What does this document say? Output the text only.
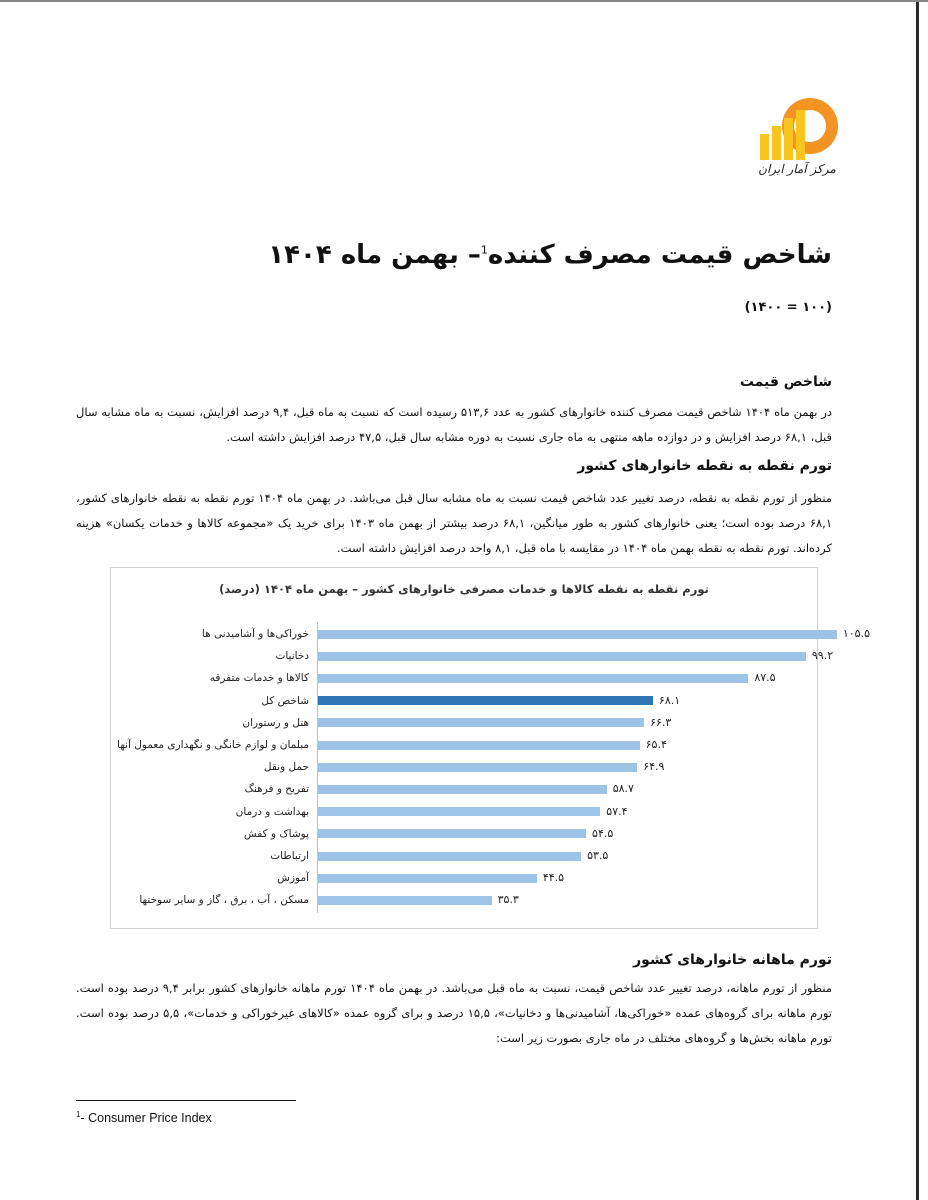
مرکز آمار ایران
شاخص قیمت مصرف کننده$^1$– بهمن ماه ۱۴۰۴
(۱۰۰ = ۱۴۰۰)
شاخص قیمت
در بهمن ماه ۱۴۰۴ شاخص قیمت مصرف کننده خانوارهای کشور به عدد ۵۱۳,۶ رسیده است که نسبت به ماه قبل، ۹,۴ درصد افزایش، نسبت به ماه مشابه سال قبل، ۶۸,۱ درصد افزایش و در دوازده ماهه منتهی به ماه جاری نسبت به دوره مشابه سال قبل، ۴۷,۵ درصد افزایش داشته است.
تورم نقطه به نقطه خانوارهای کشور
منظور از تورم نقطه به نقطه، درصد تغییر عدد شاخص قیمت نسبت به ماه مشابه سال قبل می‌باشد. در بهمن ماه ۱۴۰۴ تورم نقطه به نقطه خانوارهای کشور، ۶۸,۱ درصد بوده است؛ یعنی خانوارهای کشور به طور میانگین، ۶۸,۱ درصد بیشتر از بهمن ماه ۱۴۰۳ برای خرید یک «مجموعه کالاها و خدمات یکسان» هزینه کرده‌اند. تورم نقطه به نقطه بهمن ماه ۱۴۰۴ در مقایسه با ماه قبل، ۸,۱ واحد درصد افزایش داشته است.
تورم نقطه به نقطه کالاها و خدمات مصرفی خانوارهای کشور – بهمن ماه ۱۴۰۴ (درصد)
خوراکی‌ها و آشامیدنی ها	۱۰۵.۵
دخانیات	۹۹.۲
کالاها و خدمات متفرقه	۸۷.۵
شاخص کل	۶۸.۱
هتل و رستوران	۶۶.۳
مبلمان و لوازم خانگی و نگهداری معمول آنها	۶۵.۴
حمل ونقل	۶۴.۹
تفریح و فرهنگ	۵۸.۷
بهداشت و درمان	۵۷.۴
پوشاک و کفش	۵۴.۵
ارتباطات	۵۳.۵
آموزش	۴۴.۵
مسکن ، آب ، برق ، گاز و سایر سوختها	۳۵.۳
تورم ماهانه خانوارهای کشور
منظور از تورم ماهانه، درصد تغییر عدد شاخص قیمت، نسبت به ماه قبل می‌باشد. در بهمن ماه ۱۴۰۴ تورم ماهانه خانوارهای کشور برابر ۹,۴ درصد بوده است. تورم ماهانه برای گروه‌های عمده «خوراکی‌ها، آشامیدنی‌ها و دخانیات»، ۱۵,۵ درصد و برای گروه عمده «کالاهای غیرخوراکی و خدمات»، ۵,۵ درصد بوده است. تورم ماهانه بخش‌ها و گروه‌های مختلف در ماه جاری بصورت زیر است:
$^1$- Consumer Price Index
